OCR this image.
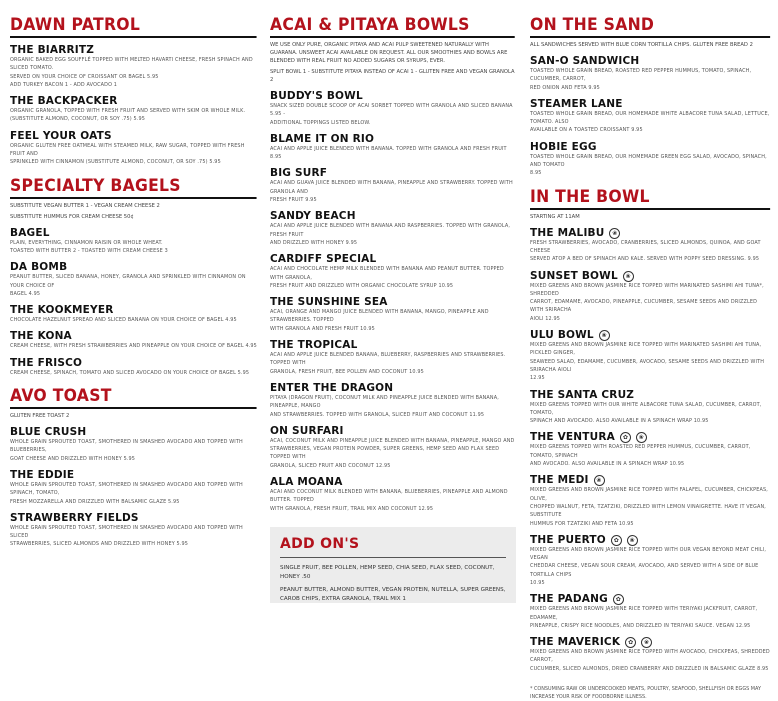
DAWN PATROL
THE BIARRITZ
ORGANIC BAKED EGG SOUFFLÉ TOPPED WITH MELTED HAVARTI CHEESE, FRESH SPINACH AND SLICED TOMATO.
SERVED ON YOUR CHOICE OF CROISSANT OR BAGEL 5.95
ADD TURKEY BACON 1 - ADD AVOCADO 1
THE BACKPACKER
ORGANIC GRANOLA, TOPPED WITH FRESH FRUIT AND SERVED WITH SKIM OR WHOLE MILK.
(SUBSTITUTE ALMOND, COCONUT, OR SOY .75) 5.95
FEEL YOUR OATS
ORGANIC GLUTEN FREE OATMEAL WITH STEAMED MILK, RAW SUGAR, TOPPED WITH FRESH FRUIT AND
SPRINKLED WITH CINNAMON (SUBSTITUTE ALMOND, COCONUT, OR SOY .75) 5.95
SPECIALTY BAGELS
SUBSTITUTE VEGAN BUTTER 1 - VEGAN CREAM CHEESE 2
SUBSTITUTE HUMMUS FOR CREAM CHEESE 50¢
BAGEL
PLAIN, EVERYTHING, CINNAMON RAISIN OR WHOLE WHEAT.
TOASTED WITH BUTTER 2 - TOASTED WITH CREAM CHEESE 3
DA BOMB
PEANUT BUTTER, SLICED BANANA, HONEY, GRANOLA AND SPRINKLED WITH CINNAMON ON YOUR CHOICE OF
BAGEL 4.95
THE KOOKMEYER
CHOCOLATE HAZELNUT SPREAD AND SLICED BANANA ON YOUR CHOICE OF BAGEL 4.95
THE KONA
CREAM CHEESE, WITH FRESH STRAWBERRIES AND PINEAPPLE ON YOUR CHOICE OF BAGEL 4.95
THE FRISCO
CREAM CHEESE, SPINACH, TOMATO AND SLICED AVOCADO ON YOUR CHOICE OF BAGEL 5.95
AVO TOAST
GLUTEN FREE TOAST 2
BLUE CRUSH
WHOLE GRAIN SPROUTED TOAST, SMOTHERED IN SMASHED AVOCADO AND TOPPED WITH BLUEBERRIES,
GOAT CHEESE AND DRIZZLED WITH HONEY 5.95
THE EDDIE
WHOLE GRAIN SPROUTED TOAST, SMOTHERED IN SMASHED AVOCADO AND TOPPED WITH SPINACH, TOMATO,
FRESH MOZZARELLA AND DRIZZLED WITH BALSAMIC GLAZE 5.95
STRAWBERRY FIELDS
WHOLE GRAIN SPROUTED TOAST, SMOTHERED IN SMASHED AVOCADO AND TOPPED WITH SLICED
STRAWBERRIES, SLICED ALMONDS AND DRIZZLED WITH HONEY 5.95
ACAI & PITAYA BOWLS
WE USE ONLY PURE, ORGANIC PITAYA AND ACAI PULP SWEETENED NATURALLY WITH GUARANA. UNSWEET ACAI AVAILABLE ON REQUEST. ALL OUR SMOOTHIES AND BOWLS ARE BLENDED WITH REAL FRUIT NO ADDED SUGARS OR SYRUPS, EVER.
SPLIT BOWL 1 - SUBSTITUTE PITAYA INSTEAD OF ACAI 1 - GLUTEN FREE AND VEGAN GRANOLA 2
BUDDY'S BOWL
SNACK SIZED DOUBLE SCOOP OF ACAI SORBET TOPPED WITH GRANOLA AND SLICED BANANA 5.95 -
ADDITIONAL TOPPINGS LISTED BELOW.
BLAME IT ON RIO
ACAI AND APPLE JUICE BLENDED WITH BANANA. TOPPED WITH GRANOLA AND FRESH FRUIT 8.95
BIG SURF
ACAI AND GUAVA JUICE BLENDED WITH BANANA, PINEAPPLE AND STRAWBERRY. TOPPED WITH GRANOLA AND
FRESH FRUIT 9.95
SANDY BEACH
ACAI AND APPLE JUICE BLENDED WITH BANANA AND RASPBERRIES. TOPPED WITH GRANOLA, FRESH FRUIT
AND DRIZZLED WITH HONEY 9.95
CARDIFF SPECIAL
ACAI AND CHOCOLATE HEMP MILK BLENDED WITH BANANA AND PEANUT BUTTER. TOPPED WITH GRANOLA,
FRESH FRUIT AND DRIZZLED WITH ORGANIC CHOCOLATE SYRUP 10.95
THE SUNSHINE SEA
ACAI, ORANGE AND MANGO JUICE BLENDED WITH BANANA, MANGO, PINEAPPLE AND STRAWBERRIES. TOPPED
WITH GRANOLA AND FRESH FRUIT 10.95
THE TROPICAL
ACAI AND APPLE JUICE BLENDED BANANA, BLUEBERRY, RASPBERRIES AND STRAWBERRIES. TOPPED WITH
GRANOLA, FRESH FRUIT, BEE POLLEN AND COCONUT 10.95
ENTER THE DRAGON
PITAYA (DRAGON FRUIT), COCONUT MILK AND PINEAPPLE JUICE BLENDED WITH BANANA, PINEAPPLE, MANGO
AND STRAWBERRIES. TOPPED WITH GRANOLA, SLICED FRUIT AND COCONUT 11.95
ON SURFARI
ACAI, COCONUT MILK AND PINEAPPLE JUICE BLENDED WITH BANANA, PINEAPPLE, MANGO AND
STRAWBERRIES, VEGAN PROTEIN POWDER, SUPER GREENS, HEMP SEED AND FLAX SEED TOPPED WITH
GRANOLA, SLICED FRUIT AND COCONUT 12.95
ALA MOANA
ACAI AND COCONUT MILK BLENDED WITH BANANA, BLUEBERRIES, PINEAPPLE AND ALMOND BUTTER. TOPPED
WITH GRANOLA, FRESH FRUIT, TRAIL MIX AND COCONUT 12.95
ADD ON'S
SINGLE FRUIT, BEE POLLEN, HEMP SEED, CHIA SEED, FLAX SEED, COCONUT, HONEY .50
PEANUT BUTTER, ALMOND BUTTER, VEGAN PROTEIN, NUTELLA, SUPER GREENS, CAROB CHIPS, EXTRA GRANOLA, TRAIL MIX 1
ON THE SAND
ALL SANDWICHES SERVED WITH BLUE CORN TORTILLA CHIPS. GLUTEN FREE BREAD 2
SAN-O SANDWICH
TOASTED WHOLE GRAIN BREAD, ROASTED RED PEPPER HUMMUS, TOMATO, SPINACH, CUCUMBER, CARROT,
RED ONION AND FETA 9.95
STEAMER LANE
TOASTED WHOLE GRAIN BREAD, OUR HOMEMADE WHITE ALBACORE TUNA SALAD, LETTUCE, TOMATO. ALSO
AVAILABLE ON A TOASTED CROISSANT 9.95
HOBIE EGG
TOASTED WHOLE GRAIN BREAD, OUR HOMEMADE GREEN EGG SALAD, AVOCADO, SPINACH, AND TOMATO
8.95
IN THE BOWL
STARTING AT 11AM
THE MALIBU ❀
FRESH STRAWBERRIES, AVOCADO, CRANBERRIES, SLICED ALMONDS, QUINOA, AND GOAT CHEESE
SERVED ATOP A BED OF SPINACH AND KALE. SERVED WITH POPPY SEED DRESSING. 9.95
SUNSET BOWL ❀
MIXED GREENS AND BROWN JASMINE RICE TOPPED WITH MARINATED SASHIMI AHI TUNA*, SHREDDED
CARROT, EDAMAME, AVOCADO, PINEAPPLE, CUCUMBER, SESAME SEEDS AND DRIZZLED WITH SRIRACHA
AIOLI 12.95
ULU BOWL ❀
MIXED GREENS AND BROWN JASMINE RICE TOPPED WITH MARINATED SASHIMI AHI TUNA, PICKLED GINGER,
SEAWEED SALAD, EDAMAME, CUCUMBER, AVOCADO, SESAME SEEDS AND DRIZZLED WITH SRIRACHA AIOLI
12.95
THE SANTA CRUZ
MIXED GREENS TOPPED WITH OUR WHITE ALBACORE TUNA SALAD, CUCUMBER, CARROT, TOMATO,
SPINACH AND AVOCADO. ALSO AVAILABLE IN A SPINACH WRAP 10.95
THE VENTURA ✿ ❀
MIXED GREENS TOPPED WITH ROASTED RED PEPPER HUMMUS, CUCUMBER, CARROT, TOMATO, SPINACH
AND AVOCADO. ALSO AVAILABLE IN A SPINACH WRAP 10.95
THE MEDI ❀
MIXED GREENS AND BROWN JASMINE RICE TOPPED WITH FALAFEL, CUCUMBER, CHICKPEAS, OLIVE,
CHOPPED WALNUT, FETA, TZATZIKI, DRIZZLED WITH LEMON VINAIGRETTE. HAVE IT VEGAN, SUBSTITUTE
HUMMUS FOR TZATZIKI AND FETA 10.95
THE PUERTO ✿ ❀
MIXED GREENS AND BROWN JASMINE RICE TOPPED WITH OUR VEGAN BEYOND MEAT CHILI, VEGAN
CHEDDAR CHEESE, VEGAN SOUR CREAM, AVOCADO, AND SERVED WITH A SIDE OF BLUE TORTILLA CHIPS
10.95
THE PADANG ✿
MIXED GREENS AND BROWN JASMINE RICE TOPPED WITH TERIYAKI JACKFRUIT, CARROT, EDAMAME,
PINEAPPLE, CRISPY RICE NOODLES, AND DRIZZLED IN TERIYAKI SAUCE. VEGAN 12.95
THE MAVERICK ✿ ❀
MIXED GREENS AND BROWN JASMINE RICE TOPPED WITH AVOCADO, CHICKPEAS, SHREDDED CARROT,
CUCUMBER, SLICED ALMONDS, DRIED CRANBERRY AND DRIZZLED IN BALSAMIC GLAZE 8.95
* CONSUMING RAW OR UNDERCOOKED MEATS, POULTRY, SEAFOOD, SHELLFISH OR EGGS MAY INCREASE YOUR RISK OF FOODBORNE ILLNESS.
